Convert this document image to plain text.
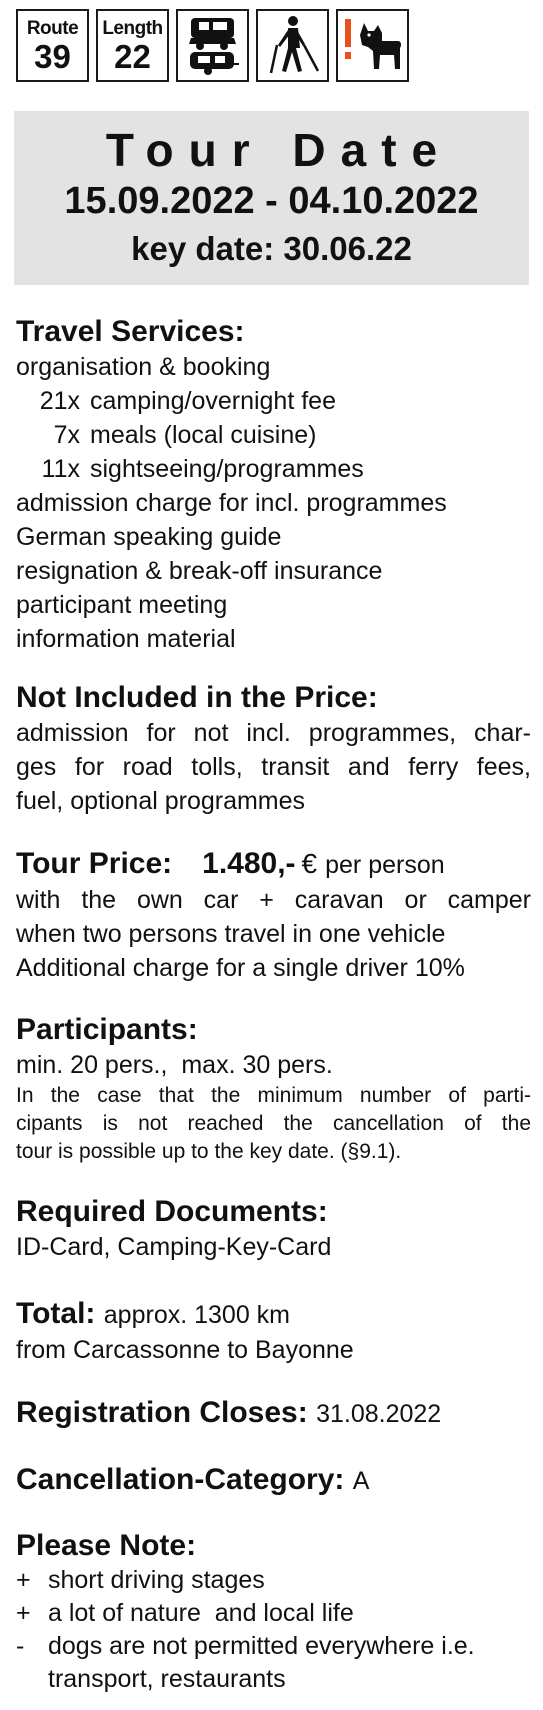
Route
39
Length
22
Tour Date
15.09.2022 - 04.10.2022
key date: 30.06.22
Travel Services:
organisation & booking
21x camping/overnight fee
7x meals (local cuisine)
11x sightseeing/programmes
admission charge for incl. programmes
German speaking guide
resignation & break-off insurance
participant meeting
information material
Not Included in the Price:
admission for not incl. programmes, char-
ges for road tolls, transit and ferry fees,
fuel, optional programmes
Tour Price: 1.480,- € per person
with the own car + caravan or camper
when two persons travel in one vehicle
Additional charge for a single driver 10%
Participants:
min. 20 pers.,  max. 30 pers.
In the case that the minimum number of parti-
cipants is not reached the cancellation of the
tour is possible up to the key date. (§9.1).
Required Documents:
ID-Card, Camping-Key-Card
Total: approx. 1300 km
from Carcassonne to Bayonne
Registration Closes: 31.08.2022
Cancellation-Category: A
Please Note:
+ short driving stages
+ a lot of nature  and local life
- dogs are not permitted everywhere i.e.
transport, restaurants
